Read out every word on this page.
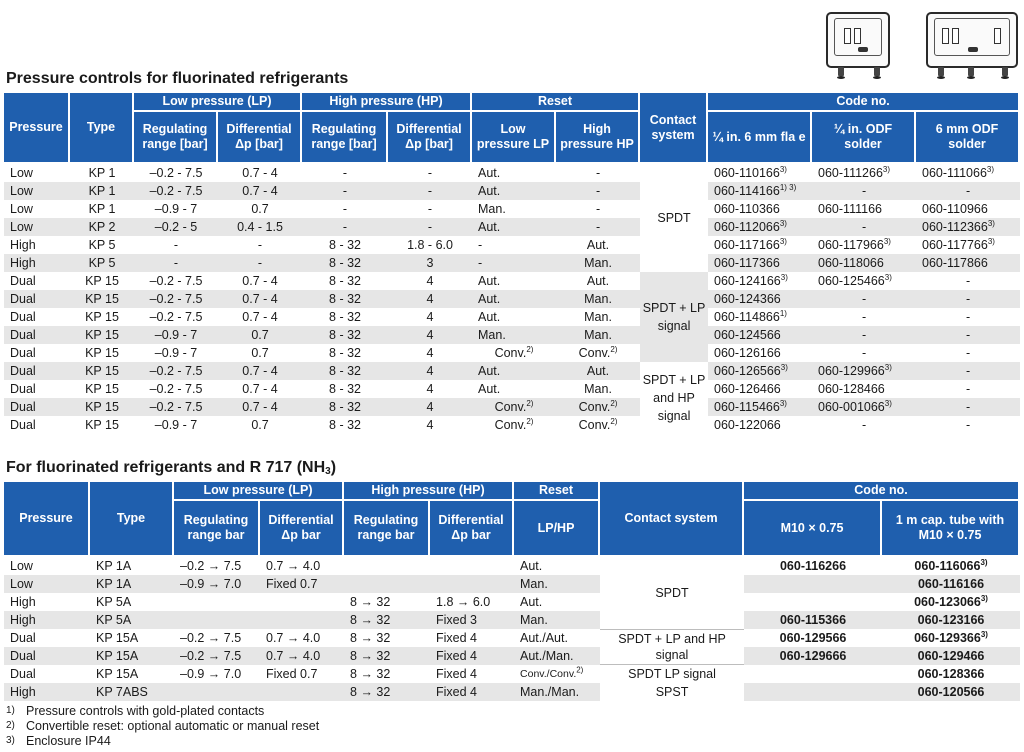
Pressure controls for fluorinated refrigerants
Pressure	Type	Low pressure (LP)		High pressure (HP)		Reset		Contact system	Code no.		
		Regulating range [bar]	Differential Δp [bar]	Regulating range [bar]	Differential Δp [bar]	Low pressure LP	High pressure HP		¼ in. 6 mm fla e	¼ in. ODF solder	6 mm ODF solder
Low	KP 1	–0.2 - 7.5	0.7 - 4	-	-	Aut.	-	SPDT	060-110166$^{3)}$	060-111266$^{3)}$	060-111066$^{3)}$
Low	KP 1	–0.2 - 7.5	0.7 - 4	-	-	Aut.	-		$060-114166^{1) 3)}$	-	-
Low	KP 1	–0.9 - 7	0.7	-	-	Man.	-		060-110366	060-111166	060-110966
Low	KP 2	–0.2 - 5	0.4 - 1.5	-	-	Aut.	-		060-112066$^{3)}$	-	060-112366$^{3)}$
High	KP 5	-	-	8 - 32	1.8 - 6.0	-	Aut.		060-117166$^{3)}$	060-117966$^{3)}$	060-117766$^{3)}$
High	KP 5	-	-	8 - 32	3	-	Man.		060-117366	060-118066	060-117866
Dual	KP 15	–0.2 - 7.5	0.7 - 4	8 - 32	4	Aut.	Aut.	SPDT + LP signal	060-124166$^{3)}$	060-125466$^{3)}$	-
Dual	KP 15	–0.2 - 7.5	0.7 - 4	8 - 32	4	Aut.	Man.		060-124366	-	-
Dual	KP 15	–0.2 - 7.5	0.7 - 4	8 - 32	4	Aut.	Man.		060-114866$^{1)}$	-	-
Dual	KP 15	–0.9 - 7	0.7	8 - 32	4	Man.	Man.		060-124566	-	-
Dual	KP 15	–0.9 - 7	0.7	8 - 32	4	Conv.$^{2)}$	Conv.$^{2)}$		060-126166	-	-
Dual	KP 15	–0.2 - 7.5	0.7 - 4	8 - 32	4	Aut.	Aut.	SPDT + LP and HP signal	060-126566$^{3)}$	060-129966$^{3)}$	-
Dual	KP 15	–0.2 - 7.5	0.7 - 4	8 - 32	4	Aut.	Man.		060-126466	060-128466	-
Dual	KP 15	–0.2 - 7.5	0.7 - 4	8 - 32	4	Conv.$^{2)}$	Conv.$^{2)}$		060-115466$^{3)}$	060-001066$^{3)}$	-
Dual	KP 15	–0.9 - 7	0.7	8 - 32	4	Conv.$^{2)}$	Conv.$^{2)}$		060-122066	-	-
For fluorinated refrigerants and R 717 $(NH_3)$
Pressure	Type	Low pressure (LP)		High pressure (HP)		Reset	Contact system	Code no.	
		Regulating range bar	Differential Δp bar	Regulating range bar	Differential Δp bar	LP/HP		M10 × 0.75	1 m cap. tube with M10 × 0.75
Low	KP 1A	–0.2 → 7.5	0.7 → 4.0			Aut.	SPDT	060-116266	060-116066$^{3)}$
Low	KP 1A	–0.9 → 7.0	Fixed 0.7			Man.			060-116166
High	KP 5A			8 → 32	1.8 → 6.0	Aut.			060-123066$^{3)}$
High	KP 5A			8 → 32	Fixed 3	Man.		060-115366	060-123166
Dual	KP 15A	–0.2 → 7.5	0.7 → 4.0	8 → 32	Fixed 4	Aut./Aut.	SPDT + LP and HP signal	060-129566	060-129366$^{3)}$
Dual	KP 15A	–0.2 → 7.5	0.7 → 4.0	8 → 32	Fixed 4	Aut./Man.		060-129666	060-129466
Dual	KP 15A	–0.9 → 7.0	Fixed 0.7	8 → 32	Fixed 4	Conv./Conv.$^{2)}$	SPDT LP signal		060-128366
High	KP 7ABS			8 → 32	Fixed 4	Man./Man.	SPST		060-120566
1) Pressure controls with gold-plated contacts
2) Convertible reset: optional automatic or manual reset
3) Enclosure IP44
